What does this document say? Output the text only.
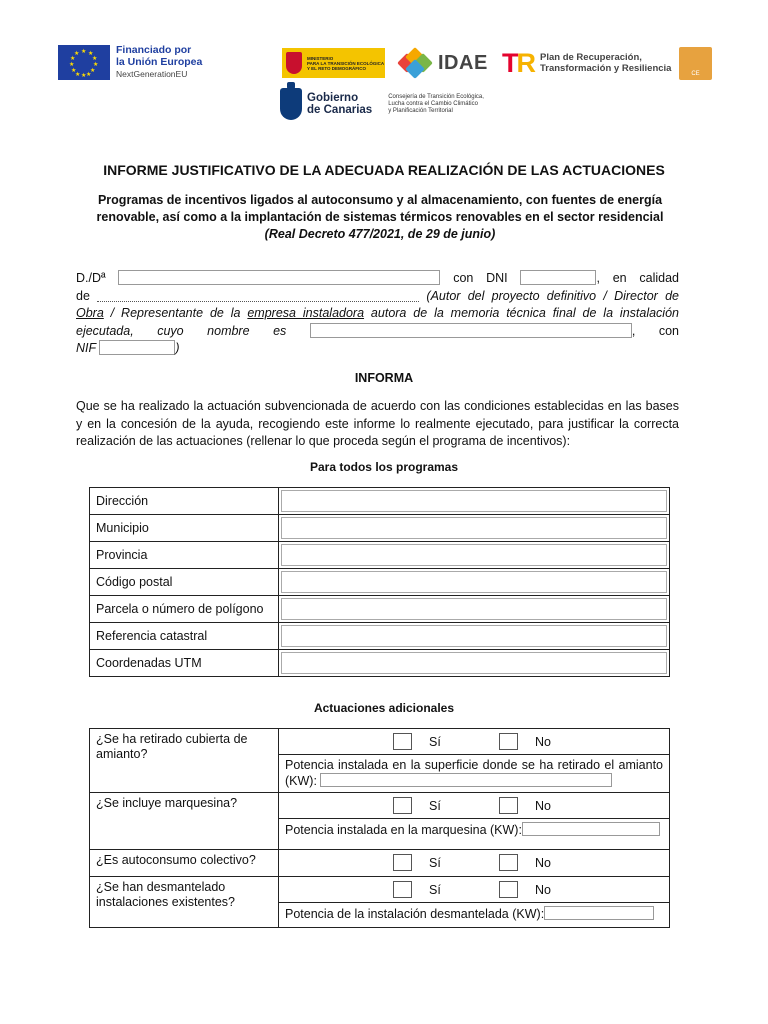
★ ★
★
★
★
★
★
★
★
★
★
★	Financiado por
la Unión Europea
NextGenerationEU
MINISTERIO
PARA LA TRANSICIÓN ECOLÓGICA
Y EL RETO DEMOGRÁFICO	IDAE TR Plan de Recuperación,
Transformación y Resiliencia	CE
Gobierno
de Canarias
Consejería de Transición Ecológica,
Lucha contra el Cambio Climático
y Planificación Territorial
INFORME JUSTIFICATIVO DE LA ADECUADA REALIZACIÓN DE LAS ACTUACIONES
Programas de incentivos ligados al autoconsumo y al almacenamiento, con fuentes de energía
renovable, así como a la implantación de sistemas térmicos renovables en el sector residencial
(Real Decreto 477/2021, de 29 de junio)
D./Dª	con DNI	, en calidad
de	(Autor del proyecto definitivo / Director de
Obra / Representante de la empresa instaladora autora de la memoria técnica final de la instalación
ejecutada, cuyo nombre es	, con
NIF	)
INFORMA
Que se ha realizado la actuación subvencionada de acuerdo con las condiciones establecidas en las bases
y en la concesión de la ayuda, recogiendo este informe lo realmente ejecutado, para justificar la correcta
realización de las actuaciones (rellenar lo que proceda según el programa de incentivos):
Para todos los programas
Dirección	

Municipio	

Provincia	

Código postal	

Parcela o número de polígono	

Referencia catastral	

Coordenadas UTM	
Actuaciones adicionales
¿Se ha retirado cubierta de amianto?	Sí No

	Potencia instalada en la superficie donde se ha retirado el amianto (KW):
¿Se incluye marquesina?	Sí No

	Potencia instalada en la marquesina (KW):
¿Es autoconsumo colectivo?	Sí No

¿Se han desmantelado instalaciones existentes?	Sí No

	Potencia de la instalación desmantelada (KW):
